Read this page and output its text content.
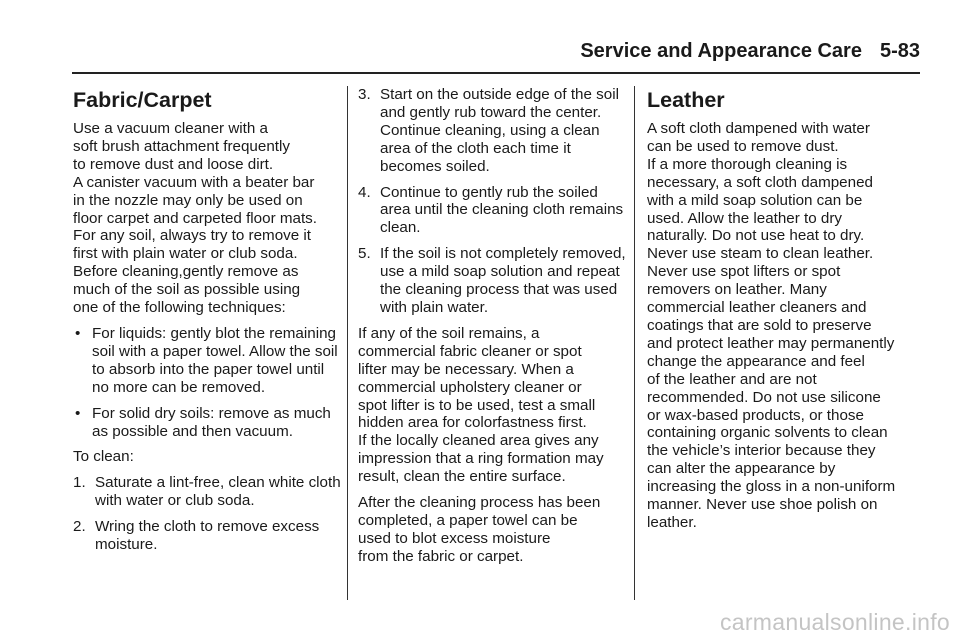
Service and Appearance Care 5-83
Fabric/Carpet

Use a vacuum cleaner with a
soft brush attachment frequently
to remove dust and loose dirt.
A canister vacuum with a beater bar
in the nozzle may only be used on
floor carpet and carpeted floor mats.
For any soil, always try to remove it
first with plain water or club soda.
Before cleaning,gently remove as
much of the soil as possible using
one of the following techniques:

• For liquids: gently blot the remaining soil with a paper towel. Allow the soil to absorb into the paper towel until no more can be removed.
• For solid dry soils: remove as much as possible and then vacuum.

To clean:

1. Saturate a lint-free, clean white cloth with water or club soda.
2. Wring the cloth to remove excess moisture.
3. Start on the outside edge of the soil and gently rub toward the center. Continue cleaning, using a clean area of the cloth each time it becomes soiled.
4. Continue to gently rub the soiled area until the cleaning cloth remains clean.
5. If the soil is not completely removed, use a mild soap solution and repeat the cleaning process that was used with plain water.

If any of the soil remains, a
commercial fabric cleaner or spot
lifter may be necessary. When a
commercial upholstery cleaner or
spot lifter is to be used, test a small
hidden area for colorfastness first.
If the locally cleaned area gives any
impression that a ring formation may
result, clean the entire surface.

After the cleaning process has been
completed, a paper towel can be
used to blot excess moisture
from the fabric or carpet.

Leather

A soft cloth dampened with water
can be used to remove dust.
If a more thorough cleaning is
necessary, a soft cloth dampened
with a mild soap solution can be
used. Allow the leather to dry
naturally. Do not use heat to dry.
Never use steam to clean leather.
Never use spot lifters or spot
removers on leather. Many
commercial leather cleaners and
coatings that are sold to preserve
and protect leather may permanently
change the appearance and feel
of the leather and are not
recommended. Do not use silicone
or wax-based products, or those
containing organic solvents to clean
the vehicle’s interior because they
can alter the appearance by
increasing the gloss in a non-uniform
manner. Never use shoe polish on
leather.

carmanualsonline.info
